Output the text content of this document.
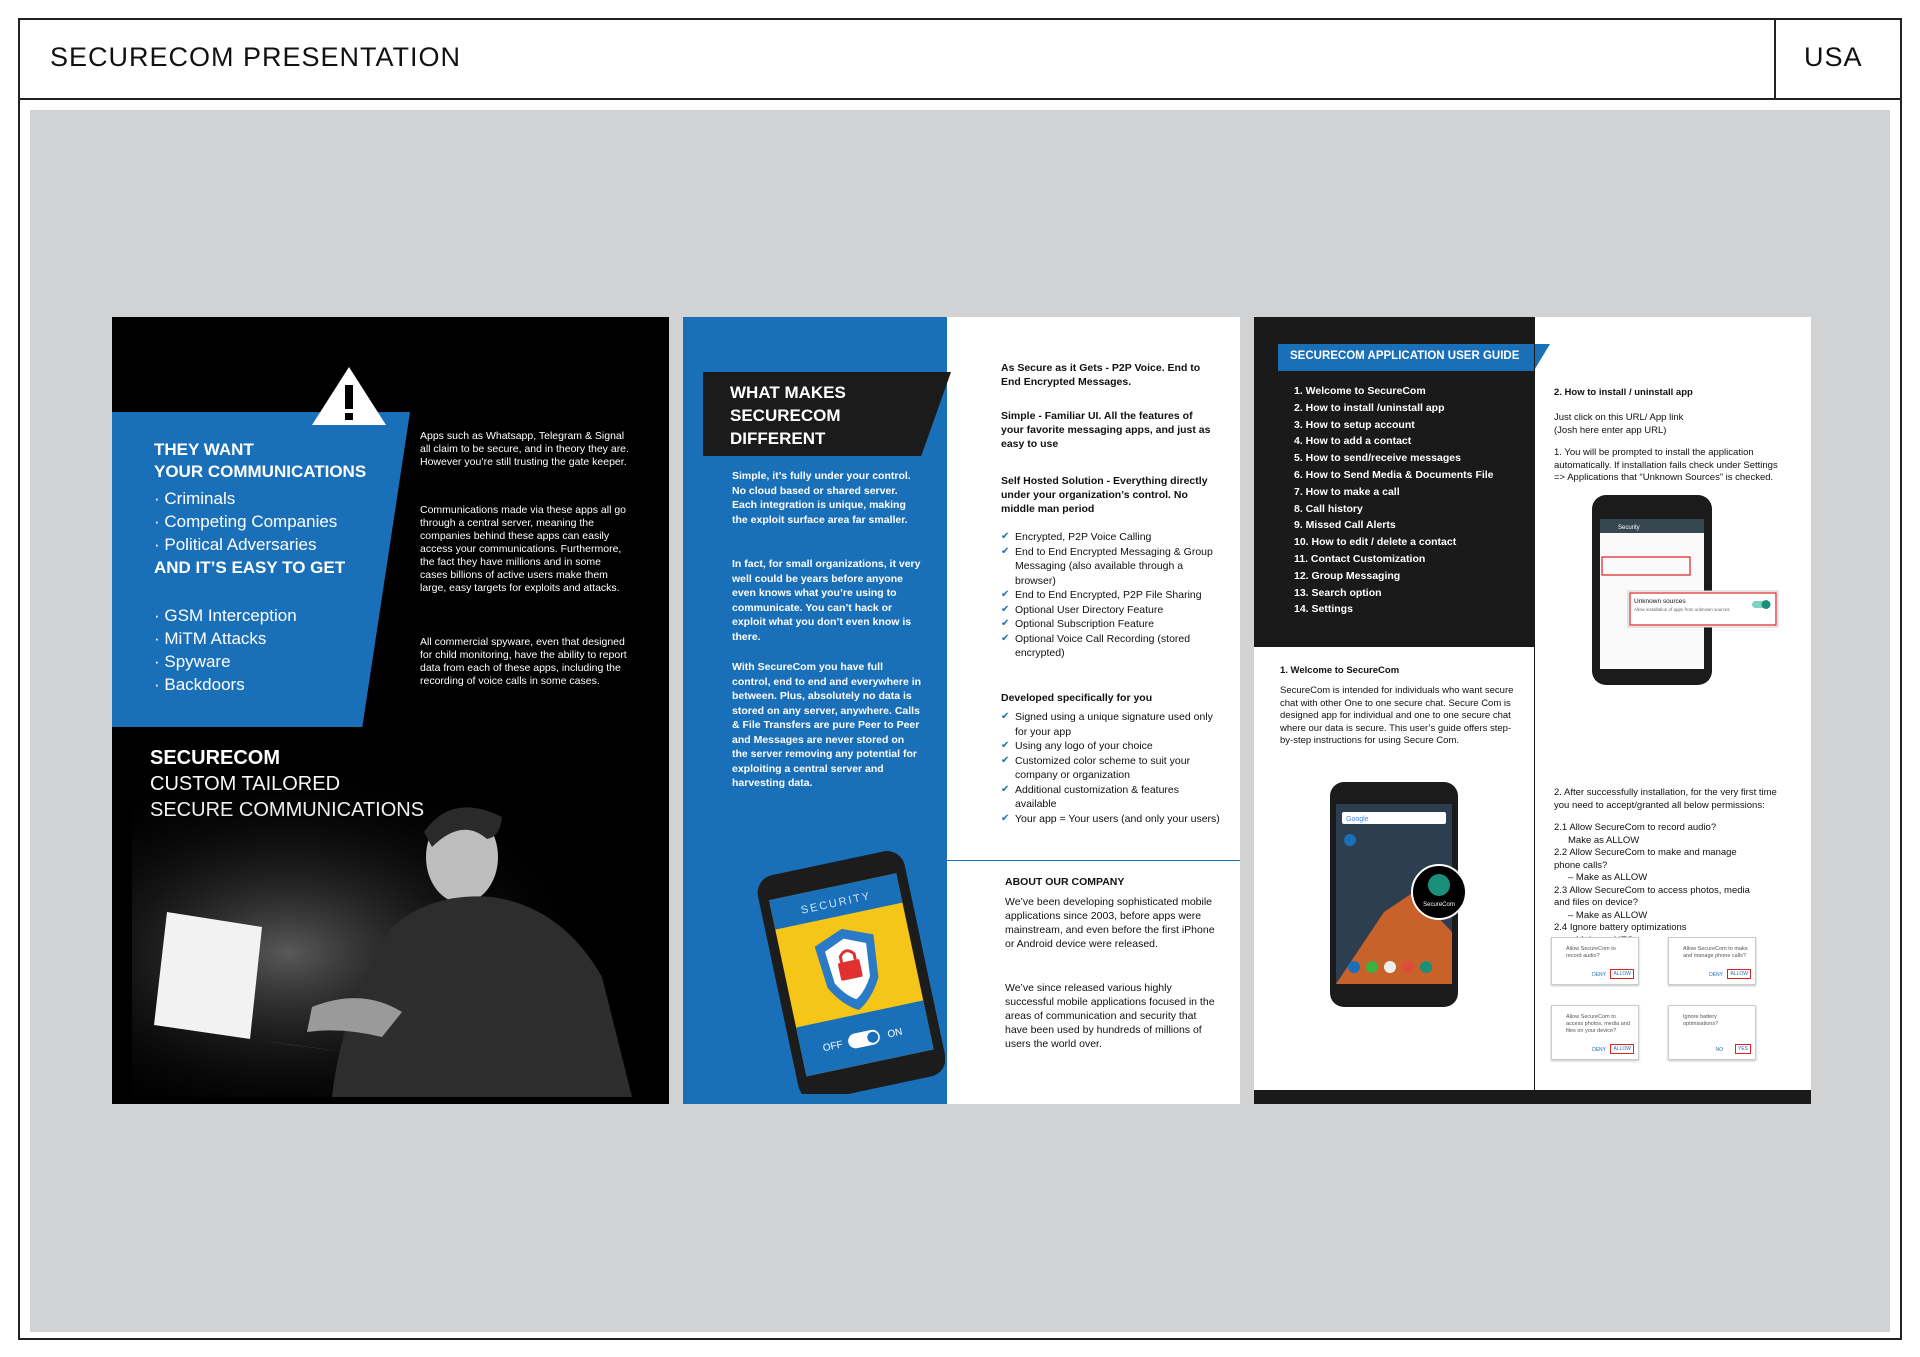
SECURECOM PRESENTATION	USA
THEY WANT
YOUR COMMUNICATIONS
· Criminals
· Competing Companies
· Political Adversaries
AND IT’S EASY TO GET
· GSM Interception
· MiTM Attacks
· Spyware
· Backdoors
Apps such as Whatsapp, Telegram & Signal all claim to be secure, and in theory they are. However you’re still trusting the gate keeper.
Communications made via these apps all go through a central server, meaning the companies behind these apps can easily access your communications. Furthermore, the fact they have millions and in some cases billions of active users make them large, easy targets for exploits and attacks.
All commercial spyware, even that designed for child monitoring, have the ability to report data from each of these apps, including the recording of voice calls in some cases.
SECURECOM
WHAT MAKES
SECURECOM
DIFFERENT
Simple, it’s fully under your control. No cloud based or shared server. Each integration is unique, making the exploit surface area far smaller.
In fact, for small organizations, it very well could be years before anyone even knows what you’re using to communicate. You can’t hack or exploit what you don’t even know is there.
With SecureCom you have full control, end to end and everywhere in between. Plus, absolutely no data is stored on any server, anywhere. Calls & File Transfers are pure Peer to Peer and Messages are never stored on the server removing any potential for exploiting a central server and harvesting data.
SECURITY
OFF
ON
As Secure as it Gets - P2P Voice. End to End Encrypted Messages.
Simple - Familiar UI. All the features of your favorite messaging apps, and just as easy to use
Self Hosted Solution - Everything directly under your organization’s control. No middle man period
✔ Encrypted, P2P Voice Calling
✔ End to End Encrypted Messaging & Group Messaging (also available through a browser)
✔ End to End Encrypted, P2P File Sharing
✔ Optional User Directory Feature
✔ Optional Subscription Feature
✔ Optional Voice Call Recording (stored encrypted)
Developed specifically for you
✔ Signed using a unique signature used only for your app
✔ Using any logo of your choice
✔ Customized color scheme to suit your company or organization
✔ Additional customization & features available
✔ Your app = Your users (and only your users)
ABOUT OUR COMPANY
We’ve been developing sophisticated mobile applications since 2003, before apps were mainstream, and even before the first iPhone or Android device were released.
We’ve since released various highly successful mobile applications focused in the areas of communication and security that have been used by hundreds of millions of users the world over.
SECURECOM APPLICATION USER GUIDE
1. Welcome to SecureCom
2. How to install /uninstall app
3. How to setup account
4. How to add a contact
5. How to send/receive messages
6. How to Send Media & Documents File
7. How to make a call
8. Call history
9. Missed Call Alerts
10. How to edit / delete a contact
11. Contact Customization
12. Group Messaging
13. Search option
14. Settings
1. Welcome to SecureCom
SecureCom is intended for individuals who want secure chat with other One to one secure chat. Secure Com is designed app for individual and one to one secure chat where our data is secure. This user’s guide offers step-by-step instructions for using Secure Com.
Google
SecureCom
2. How to install / uninstall app
Just click on this URL/ App link (Josh here enter app URL)
1. You will be prompted to install the application automatically. If installation fails check under Settings => Applications that “Unknown Sources” is checked.
Security
Unknown sources
Allow installation of apps from unknown sources
2. After successfully installation, for the very first time you need to accept/granted all below permissions:
2.1 Allow SecureCom to record audio?
Make as ALLOW
2.2 Allow SecureCom to make and manage phone calls?
– Make as ALLOW
2.3 Allow SecureCom to access photos, media and files on device?
– Make as ALLOW
2.4 Ignore battery optimizations
Allow SecureCom to record audio?
DENY	ALLOW
Allow SecureCom to make and manage phone calls?
DENY	ALLOW
Allow SecureCom to access photos, media and files on your device?
DENY	ALLOW
Ignore battery optimisations?
NO	YES
